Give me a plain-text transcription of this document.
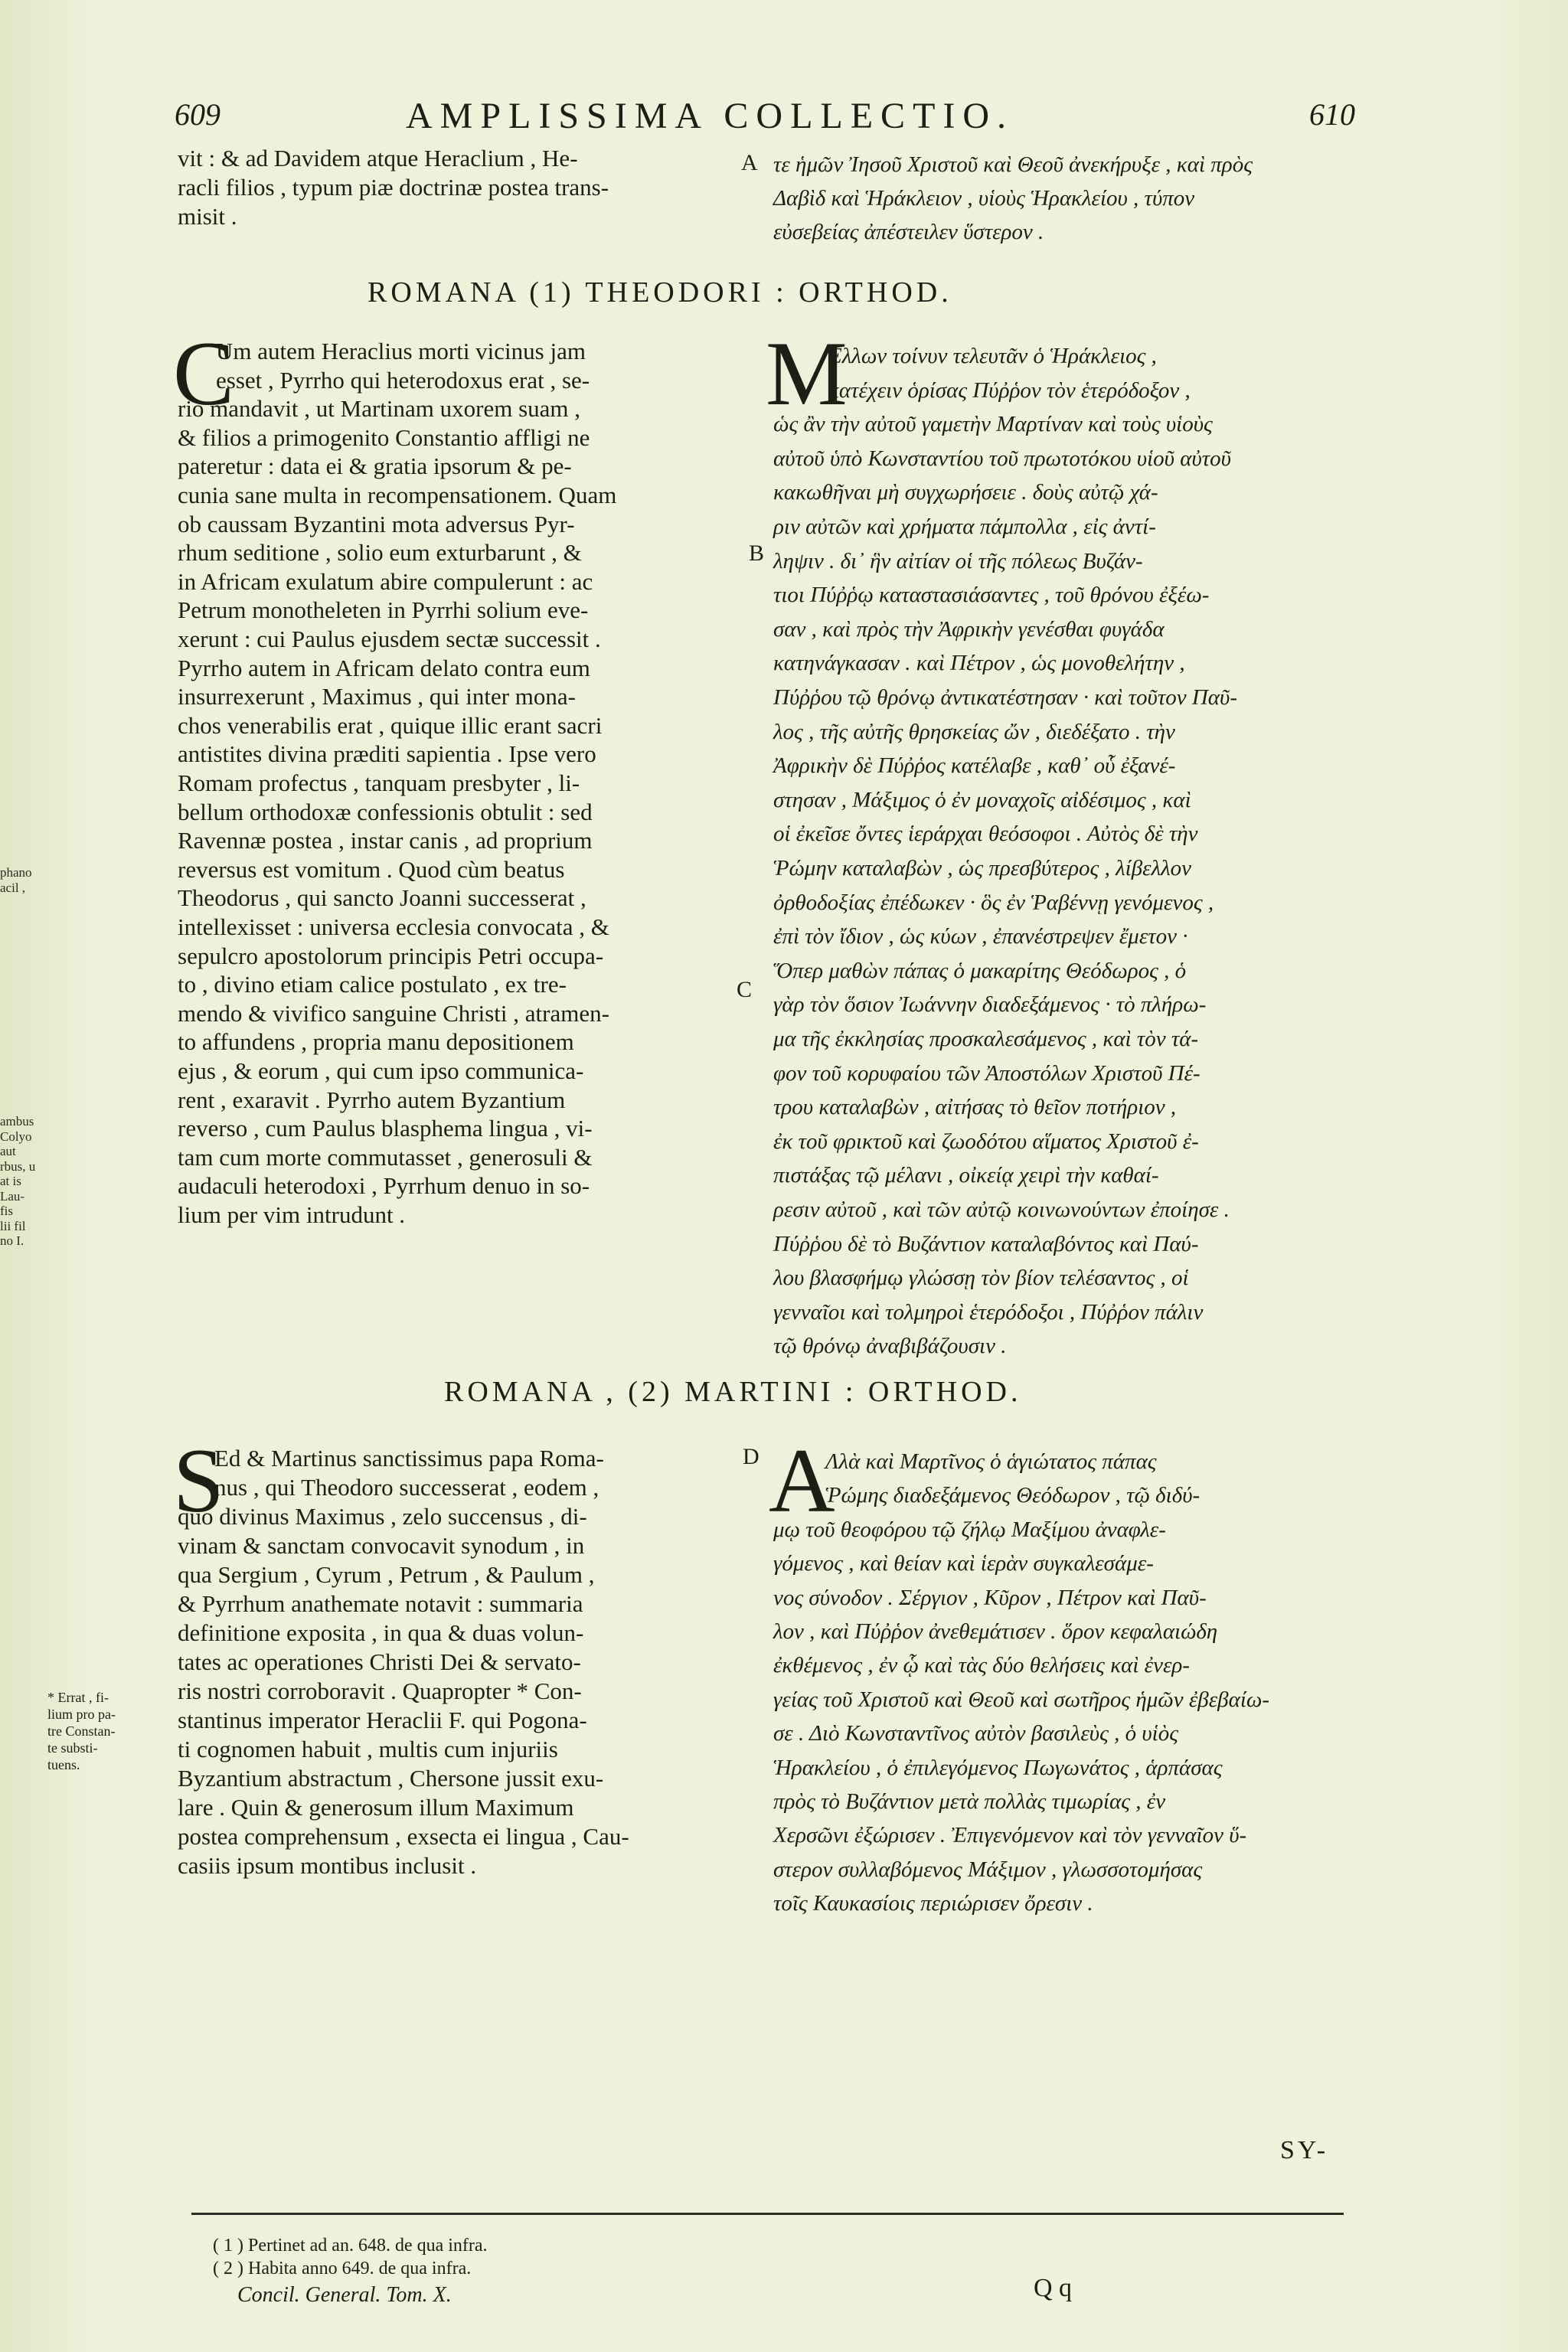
phano
acil ,
ambus
Colyo
aut
rbus, u
at is
Lau-
fis
lii fil
no I.
609	AMPLISSIMA COLLECTIO.	610
vit : & ad Davidem atque Heraclium , He-
racli filios , typum piæ doctrinæ postea trans-
misit .
A τε ἡμῶν Ἰησοῦ Χριστοῦ καὶ Θεοῦ ἀνεκήρυξε , καὶ πρὸς
Δαβὶδ καὶ Ἡράκλειον , υἱοὺς Ἡρακλείου , τύπον
εὐσεβείας ἀπέστειλεν ὕστερον .
ROMANA (1) THEODORI : ORTHOD.
C
Um autem Heraclius morti vicinus jam
esset , Pyrrho qui heterodoxus erat , se-
rio mandavit , ut Martinam uxorem suam ,
& filios a primogenito Constantio affligi ne
pateretur : data ei & gratia ipsorum & pe-
cunia sane multa in recompensationem. Quam
ob caussam Byzantini mota adversus Pyr-
rhum seditione , solio eum exturbarunt , &
in Africam exulatum abire compulerunt : ac
Petrum monotheleten in Pyrrhi solium eve-
xerunt : cui Paulus ejusdem sectæ successit .
Pyrrho autem in Africam delato contra eum
insurrexerunt , Maximus , qui inter mona-
chos venerabilis erat , quique illic erant sacri
antistites divina præditi sapientia . Ipse vero
Romam profectus , tanquam presbyter , li-
bellum orthodoxæ confessionis obtulit : sed
Ravennæ postea , instar canis , ad proprium
reversus est vomitum . Quod cùm beatus
Theodorus , qui sancto Joanni successerat ,
intellexisset : universa ecclesia convocata , &
sepulcro apostolorum principis Petri occupa-
to , divino etiam calice postulato , ex tre-
mendo & vivifico sanguine Christi , atramen-
to affundens , propria manu depositionem
ejus , & eorum , qui cum ipso communica-
rent , exaravit . Pyrrho autem Byzantium
reverso , cum Paulus blasphema lingua , vi-
tam cum morte commutasset , generosuli &
audaculi heterodoxi , Pyrrhum denuo in so-
lium per vim intrudunt .
B
C
M
Ελλων τοίνυν τελευτᾶν ὁ Ἡράκλειος ,
κατέχειν ὁρίσας Πύῤῥον τὸν ἑτερόδοξον ,
ὡς ἂν τὴν αὐτοῦ γαμετὴν Μαρτίναν καὶ τοὺς υἱοὺς
αὐτοῦ ὑπὸ Κωνσταντίου τοῦ πρωτοτόκου υἱοῦ αὐτοῦ
κακωθῆναι μὴ συγχωρήσειε . δοὺς αὐτῷ χά-
ριν αὐτῶν καὶ χρήματα πάμπολλα , εἰς ἀντί-
ληψιν . δι᾽ ἣν αἰτίαν οἱ τῆς πόλεως Βυζάν-
τιοι Πύῤῥῳ καταστασιάσαντες , τοῦ θρόνου ἐξέω-
σαν , καὶ πρὸς τὴν Ἀφρικὴν γενέσθαι φυγάδα
κατηνάγκασαν . καὶ Πέτρον , ὡς μονοθελήτην ,
Πύῤῥου τῷ θρόνῳ ἀντικατέστησαν · καὶ τοῦτον Παῦ-
λος , τῆς αὐτῆς θρησκείας ὤν , διεδέξατο . τὴν
Ἀφρικὴν δὲ Πύῤῥος κατέλαβε , καθ᾽ οὗ ἐξανέ-
στησαν , Μάξιμος ὁ ἐν μοναχοῖς αἰδέσιμος , καὶ
οἱ ἐκεῖσε ὄντες ἱεράρχαι θεόσοφοι . Αὐτὸς δὲ τὴν
Ῥώμην καταλαβὼν , ὡς πρεσβύτερος , λίβελλον
ὀρθοδοξίας ἐπέδωκεν · ὃς ἐν Ῥαβέννῃ γενόμενος ,
ἐπὶ τὸν ἴδιον , ὡς κύων , ἐπανέστρεψεν ἔμετον ·
Ὅπερ μαθὼν πάπας ὁ μακαρίτης Θεόδωρος , ὁ
γὰρ τὸν ὅσιον Ἰωάννην διαδεξάμενος · τὸ πλήρω-
μα τῆς ἐκκλησίας προσκαλεσάμενος , καὶ τὸν τά-
φον τοῦ κορυφαίου τῶν Ἀποστόλων Χριστοῦ Πέ-
τρου καταλαβὼν , αἰτήσας τὸ θεῖον ποτήριον ,
ἐκ τοῦ φρικτοῦ καὶ ζωοδότου αἵματος Χριστοῦ ἐ-
πιστάξας τῷ μέλανι , οἰκείᾳ χειρὶ τὴν καθαί-
ρεσιν αὐτοῦ , καὶ τῶν αὐτῷ κοινωνούντων ἐποίησε .
Πύῤῥου δὲ τὸ Βυζάντιον καταλαβόντος καὶ Παύ-
λου βλασφήμῳ γλώσσῃ τὸν βίον τελέσαντος , οἱ
γενναῖοι καὶ τολμηροὶ ἑτερόδοξοι , Πύῤῥον πάλιν
τῷ θρόνῳ ἀναβιβάζουσιν .
ROMANA , (2) MARTINI : ORTHOD.
* Errat , fi-
lium pro pa-
tre Constan-
te substi-
tuens.
S
Ed & Martinus sanctissimus papa Roma-
nus , qui Theodoro successerat , eodem ,
quo divinus Maximus , zelo succensus , di-
vinam & sanctam convocavit synodum , in
qua Sergium , Cyrum , Petrum , & Paulum ,
& Pyrrhum anathemate notavit : summaria
definitione exposita , in qua & duas volun-
tates ac operationes Christi Dei & servato-
ris nostri corroboravit . Quapropter * Con-
stantinus imperator Heraclii F. qui Pogona-
ti cognomen habuit , multis cum injuriis
Byzantium abstractum , Chersone jussit exu-
lare . Quin & generosum illum Maximum
postea comprehensum , exsecta ei lingua , Cau-
casiis ipsum montibus inclusit .
D A
Λλὰ καὶ Μαρτῖνος ὁ ἁγιώτατος πάπας
Ῥώμης διαδεξάμενος Θεόδωρον , τῷ διδύ-
μῳ τοῦ θεοφόρου τῷ ζήλῳ Μαξίμου ἀναφλε-
γόμενος , καὶ θείαν καὶ ἱερὰν συγκαλεσάμε-
νος σύνοδον . Σέργιον , Κῦρον , Πέτρον καὶ Παῦ-
λον , καὶ Πύῤῥον ἀνεθεμάτισεν . ὅρον κεφαλαιώδη
ἐκθέμενος , ἐν ᾧ καὶ τὰς δύο θελήσεις καὶ ἐνερ-
γείας τοῦ Χριστοῦ καὶ Θεοῦ καὶ σωτῆρος ἡμῶν ἐβεβαίω-
σε . Διὸ Κωνσταντῖνος αὐτὸν βασιλεὺς , ὁ υἱὸς
Ἡρακλείου , ὁ ἐπιλεγόμενος Πωγωνάτος , ἁρπάσας
πρὸς τὸ Βυζάντιον μετὰ πολλὰς τιμωρίας , ἐν
Χερσῶνι ἐξώρισεν . Ἐπιγενόμενον καὶ τὸν γενναῖον ὕ-
στερον συλλαβόμενος Μάξιμον , γλωσσοτομήσας
τοῖς Καυκασίοις περιώρισεν ὄρεσιν .
SY-
( 1 ) Pertinet ad an. 648. de qua infra.
( 2 ) Habita anno 649. de qua infra.
Concil. General. Tom. X.	Q q
